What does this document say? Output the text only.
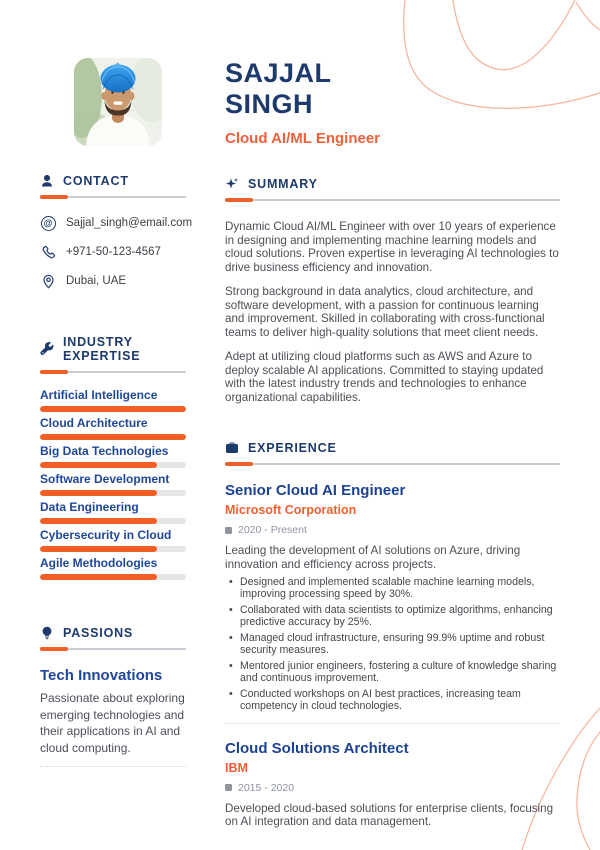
CONTACT
@
Sajjal_singh@email.com
+971-50-123-4567
Dubai, UAE
INDUSTRY EXPERTISE
Artificial Intelligence
Cloud Architecture
Big Data Technologies
Software Development
Data Engineering
Cybersecurity in Cloud
Agile Methodologies
PASSIONS
Tech Innovations
Passionate about exploring emerging technologies and their applications in AI and cloud computing.
SAJJAL
SINGH
Cloud AI/ML Engineer
SUMMARY

Dynamic Cloud AI/ML Engineer with over 10 years of experience in designing and implementing machine learning models and cloud solutions. Proven expertise in leveraging AI technologies to drive business efficiency and innovation.

Strong background in data analytics, cloud architecture, and software development, with a passion for continuous learning and improvement. Skilled in collaborating with cross-functional teams to deliver high-quality solutions that meet client needs.

Adept at utilizing cloud platforms such as AWS and Azure to deploy scalable AI applications. Committed to staying updated with the latest industry trends and technologies to enhance organizational capabilities.

EXPERIENCE
Senior Cloud AI Engineer
Microsoft Corporation
2020 - Present
Leading the development of AI solutions on Azure, driving innovation and efficiency across projects.
• Designed and implemented scalable machine learning models, improving processing speed by 30%.
• Collaborated with data scientists to optimize algorithms, enhancing predictive accuracy by 25%.
• Managed cloud infrastructure, ensuring 99.9% uptime and robust security measures.
• Mentored junior engineers, fostering a culture of knowledge sharing and continuous improvement.
• Conducted workshops on AI best practices, increasing team competency in cloud technologies.
Cloud Solutions Architect
IBM
2015 - 2020
Developed cloud-based solutions for enterprise clients, focusing on AI integration and data management.
